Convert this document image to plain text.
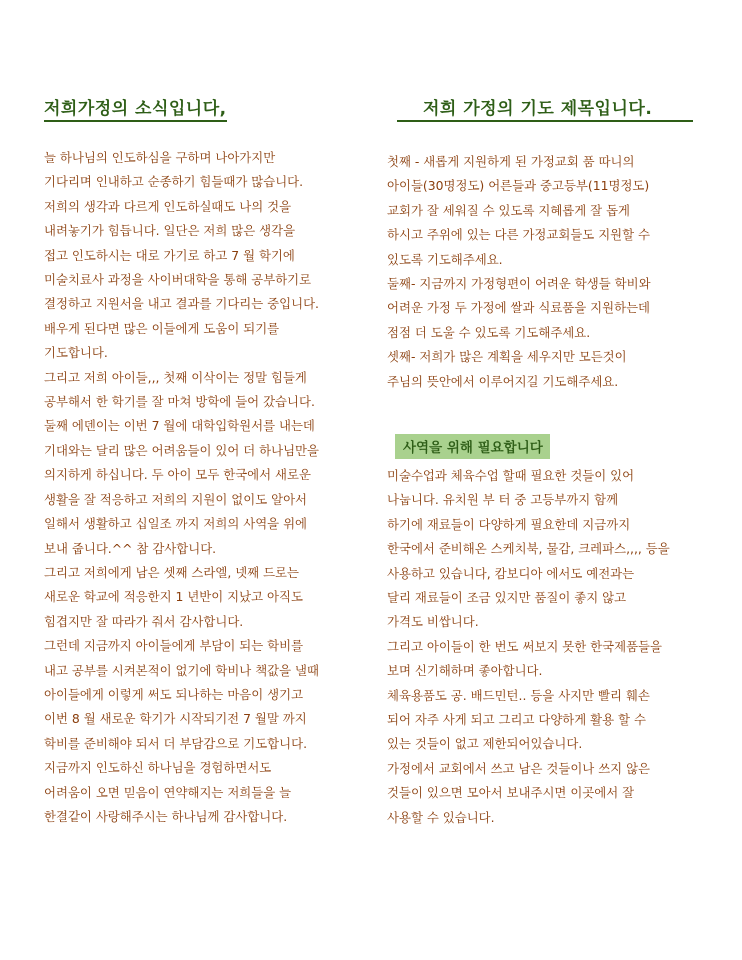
저희가정의 소식입니다,

늘 하나님의 인도하심을 구하며 나아가지만

기다리며 인내하고 순종하기 힘들때가 많습니다.

저희의 생각과 다르게 인도하실때도 나의 것을

내려놓기가 힘듭니다. 일단은 저희 많은 생각을

접고 인도하시는 대로 가기로 하고 7 월 학기에

미술치료사 과정을 사이버대학을 통해 공부하기로

결정하고 지원서을 내고 결과를 기다리는 중입니다.

배우게 된다면 많은 이들에게 도움이 되기를

기도합니다.

그리고 저희 아이들,,, 첫째 이삭이는 정말 힘들게

공부해서 한 학기를 잘 마쳐 방학에 들어 갔습니다.

둘째 에덴이는 이번 7 월에 대학입학원서를 내는데

기대와는 달리 많은 어려움들이 있어 더 하나님만을

의지하게 하십니다. 두 아이 모두 한국에서 새로운

생활을 잘 적응하고 저희의 지원이 없이도 알아서

일해서 생활하고 십일조 까지 저희의 사역을 위에

보내 줍니다.^^ 참 감사합니다.

그리고 저희에게 남은 셋째 스라엘, 넷째 드로는

새로운 학교에 적응한지 1 년반이 지났고 아직도

힘겹지만 잘 따라가 줘서 감사합니다.

그런데 지금까지 아이들에게 부담이 되는 학비를

내고 공부를 시켜본적이 없기에 학비나 책값을 낼때

아이들에게 이렇게 써도 되나하는 마음이 생기고

이번 8 월 새로운 학기가 시작되기전 7 월말 까지

학비를 준비해야 되서 더 부담감으로 기도합니다.

지금까지 인도하신 하나님을 경험하면서도

어려움이 오면 믿음이 연약해지는 저희들을 늘

한결같이 사랑해주시는 하나님께 감사합니다.

저희 가정의 기도 제목입니다.

첫째 - 새롭게 지원하게 된 가정교회 품 따니의

아이들(30명정도) 어른들과 중고등부(11명정도)

교회가 잘 세워질 수 있도록 지혜롭게 잘 돕게

하시고 주위에 있는 다른 가정교회들도 지원할 수

있도록 기도해주세요.

둘째- 지금까지 가정형편이 어려운 학생들 학비와

어려운 가정 두 가정에 쌀과 식료품을 지원하는데

점점 더 도울 수 있도록 기도해주세요.

셋째- 저희가 많은 계획을 세우지만 모든것이

주님의 뜻안에서 이루어지길 기도해주세요.

사역을 위해 필요합니다

미술수업과 체육수업 할때 필요한 것들이 있어

나눕니다. 유치원 부 터 중 고등부까지 함께

하기에 재료들이 다양하게 필요한데 지금까지

한국에서 준비해온 스케치북, 물감, 크레파스,,,, 등을

사용하고 있습니다, 캄보디아 에서도 예전과는

달리 재료들이 조금 있지만 품질이 좋지 않고

가격도 비쌉니다.

그리고 아이들이 한 번도 써보지 못한 한국제품들을

보며 신기해하며 좋아합니다.

체육용품도 공. 배드민턴.. 등을 사지만 빨리 훼손

되어 자주 사게 되고 그리고 다양하게 활용 할 수

있는 것들이 없고 제한되어있습니다.

가정에서 교회에서 쓰고 남은 것들이나 쓰지 않은

것들이 있으면 모아서 보내주시면 이곳에서 잘

사용할 수 있습니다.
